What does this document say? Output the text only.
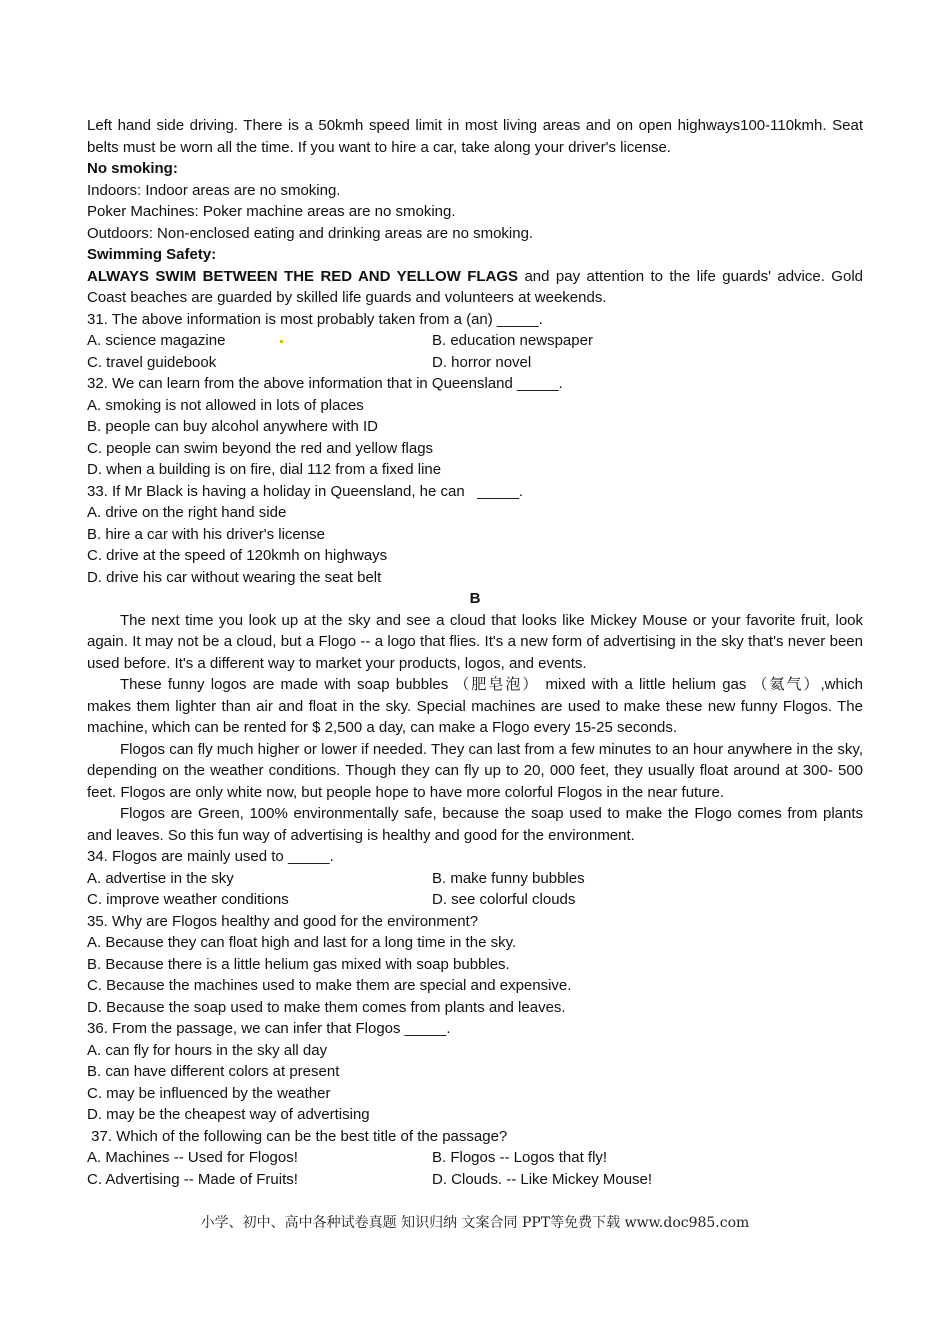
Left hand side driving. There is a 50kmh speed limit in most living areas and on open highways100-110kmh. Seat belts must be worn all the time. If you want to hire a car, take along your driver's license.

No smoking:

Indoors: Indoor areas are no smoking.

Poker Machines: Poker machine areas are no smoking.

Outdoors: Non-enclosed eating and drinking areas are no smoking.

Swimming Safety:

ALWAYS SWIM BETWEEN THE RED AND YELLOW FLAGS and pay attention to the life guards' advice. Gold Coast beaches are guarded by skilled life guards and volunteers at weekends.

31. The above information is most probably taken from a (an) _____.

A. science magazine	B. education newspaper
C. travel guidebook	D. horror novel

32. We can learn from the above information that in Queensland _____.

A. smoking is not allowed in lots of places

B. people can buy alcohol anywhere with ID

C. people can swim beyond the red and yellow flags

D. when a building is on fire, dial 112 from a fixed line

33. If Mr Black is having a holiday in Queensland, he can   _____.

A. drive on the right hand side

B. hire a car with his driver's license

C. drive at the speed of 120kmh on highways

D. drive his car without wearing the seat belt

B

The next time you look up at the sky and see a cloud that looks like Mickey Mouse or your favorite fruit, look again. It may not be a cloud, but a Flogo -- a logo that flies. It's a new form of advertising in the sky that's never been used before. It's a different way to market your products, logos, and events.

These funny logos are made with soap bubbles （肥皂泡） mixed with a little helium gas （氦气）,which makes them lighter than air and float in the sky. Special machines are used to make these new funny Flogos. The machine, which can be rented for $ 2,500 a day, can make a Flogo every 15-25 seconds.

Flogos can fly much higher or lower if needed. They can last from a few minutes to an hour anywhere in the sky, depending on the weather conditions. Though they can fly up to 20, 000 feet, they usually float around at 300- 500 feet. Flogos are only white now, but people hope to have more colorful Flogos in the near future.

Flogos are Green, 100% environmentally safe, because the soap used to make the Flogo comes from plants and leaves. So this fun way of advertising is healthy and good for the environment.

34. Flogos are mainly used to _____.

A. advertise in the sky	B. make funny bubbles
C. improve weather conditions	D. see colorful clouds

35. Why are Flogos healthy and good for the environment?

A. Because they can float high and last for a long time in the sky.

B. Because there is a little helium gas mixed with soap bubbles.

C. Because the machines used to make them are special and expensive.

D. Because the soap used to make them comes from plants and leaves.

36. From the passage, we can infer that Flogos _____.

A. can fly for hours in the sky all day

B. can have different colors at present

C. may be influenced by the weather

D. may be the cheapest way of advertising

37. Which of the following can be the best title of the passage?

A. Machines -- Used for Flogos!	B. Flogos -- Logos that fly!
C. Advertising -- Made of Fruits!	D. Clouds. -- Like Mickey Mouse!
小学、初中、高中各种试卷真题 知识归纳 文案合同 PPT等免费下载 www.doc985.com
